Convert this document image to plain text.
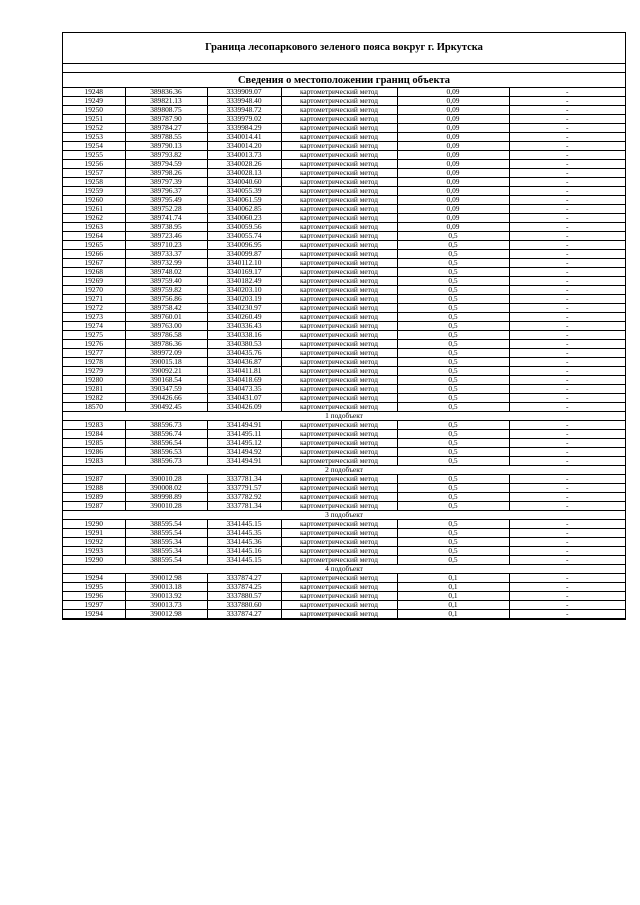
Граница лесопаркового зеленого пояса вокруг г. Иркутска
Сведения о местоположении границ объекта
19248	389836.36	3339909.07	картометрический метод	0,09	-
19249	389821.13	3339948.40	картометрический метод	0,09	-
19250	389808.75	3339948.72	картометрический метод	0,09	-
19251	389787.90	3339979.02	картометрический метод	0,09	-
19252	389784.27	3339984.29	картометрический метод	0,09	-
19253	389788.55	3340014.41	картометрический метод	0,09	-
19254	389790.13	3340014.20	картометрический метод	0,09	-
19255	389793.82	3340013.73	картометрический метод	0,09	-
19256	389794.59	3340028.26	картометрический метод	0,09	-
19257	389798.26	3340028.13	картометрический метод	0,09	-
19258	389797.39	3340040.60	картометрический метод	0,09	-
19259	389796.37	3340055.39	картометрический метод	0,09	-
19260	389795.49	3340061.59	картометрический метод	0,09	-
19261	389752.28	3340062.85	картометрический метод	0,09	-
19262	389741.74	3340060.23	картометрический метод	0,09	-
19263	389738.95	3340059.56	картометрический метод	0,09	-
19264	389723.46	3340055.74	картометрический метод	0,5	-
19265	389710.23	3340096.95	картометрический метод	0,5	-
19266	389733.37	3340099.87	картометрический метод	0,5	-
19267	389732.99	3340112.10	картометрический метод	0,5	-
19268	389748.02	3340169.17	картометрический метод	0,5	-
19269	389759.40	3340182.49	картометрический метод	0,5	-
19270	389759.82	3340203.10	картометрический метод	0,5	-
19271	389756.86	3340203.19	картометрический метод	0,5	-
19272	389758.42	3340230.97	картометрический метод	0,5	-
19273	389760.01	3340260.49	картометрический метод	0,5	-
19274	389763.00	3340336.43	картометрический метод	0,5	-
19275	389786.58	3340338.16	картометрический метод	0,5	-
19276	389786.36	3340380.53	картометрический метод	0,5	-
19277	389972.09	3340435.76	картометрический метод	0,5	-
19278	390015.18	3340436.87	картометрический метод	0,5	-
19279	390092.21	3340411.81	картометрический метод	0,5	-
19280	390168.54	3340418.69	картометрический метод	0,5	-
19281	390347.59	3340473.35	картометрический метод	0,5	-
19282	390426.66	3340431.07	картометрический метод	0,5	-
18570	390492.45	3340426.09	картометрический метод	0,5	-
1 подобъект					
19283	388596.73	3341494.91	картометрический метод	0,5	-
19284	388596.74	3341495.11	картометрический метод	0,5	-
19285	388596.54	3341495.12	картометрический метод	0,5	-
19286	388596.53	3341494.92	картометрический метод	0,5	-
19283	388596.73	3341494.91	картометрический метод	0,5	-
2 подобъект					
19287	390010.28	3337781.34	картометрический метод	0,5	-
19288	390008.02	3337791.57	картометрический метод	0,5	-
19289	389998.89	3337782.92	картометрический метод	0,5	-
19287	390010.28	3337781.34	картометрический метод	0,5	-
3 подобъект					
19290	388595.54	3341445.15	картометрический метод	0,5	-
19291	388595.54	3341445.35	картометрический метод	0,5	-
19292	388595.34	3341445.36	картометрический метод	0,5	-
19293	388595.34	3341445.16	картометрический метод	0,5	-
19290	388595.54	3341445.15	картометрический метод	0,5	-
4 подобъект					
19294	390012.98	3337874.27	картометрический метод	0,1	-
19295	390013.18	3337874.25	картометрический метод	0,1	-
19296	390013.92	3337880.57	картометрический метод	0,1	-
19297	390013.73	3337880.60	картометрический метод	0,1	-
19294	390012.98	3337874.27	картометрический метод	0,1	-
